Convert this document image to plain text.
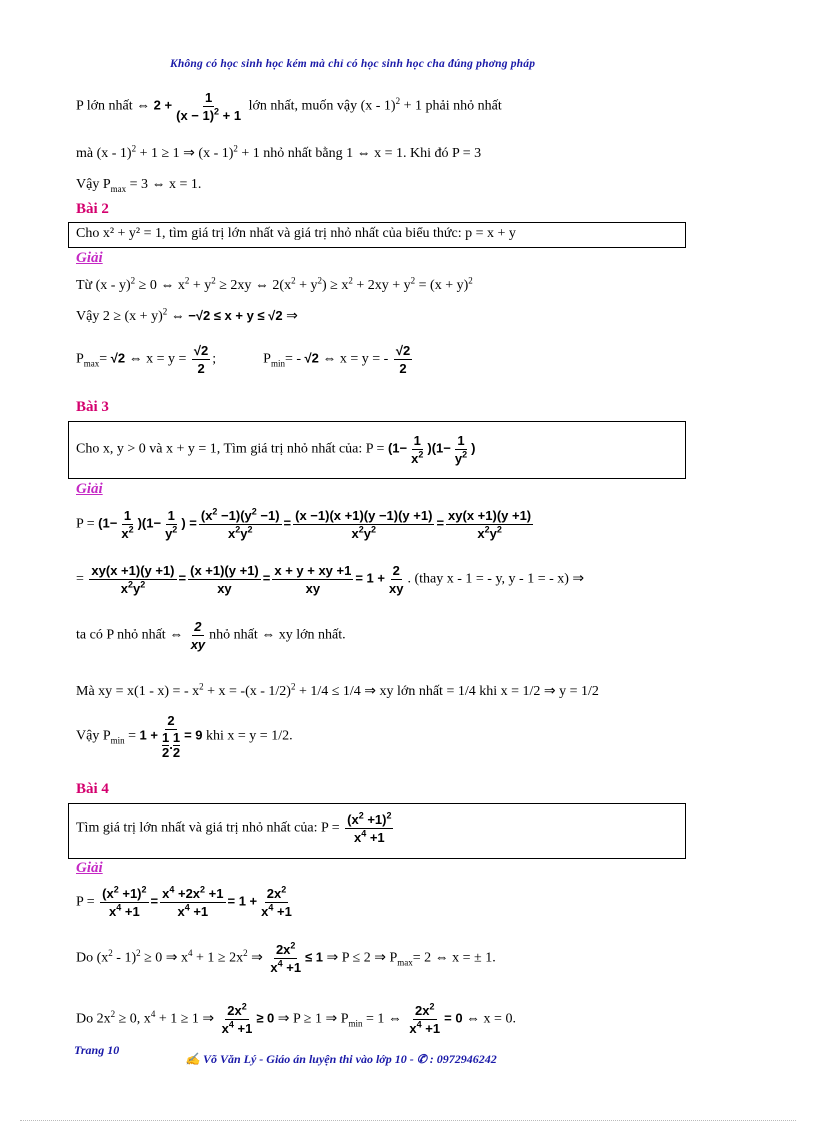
Không có học sinh học kém mà chỉ có học sinh học cha đúng phơng pháp
P lớn nhất ⇔ $2 + \frac{1}{(x - 1)^2 + 1}$ lớn nhất, muốn vậy (x - 1)$^2$ + 1 phải nhỏ nhất
mà (x - 1)$^2$ + 1 ≥ 1 ⇒ (x - 1)$^2$ + 1 nhỏ nhất bằng 1 ⇔ x = 1. Khi đó P = 3
Vậy $P_{max} = 3$ ⇔ x = 1.
Bài 2
Cho x² + y² = 1, tìm giá trị lớn nhất và giá trị nhỏ nhất của biểu thức: p = x + y
Giải
Từ (x - y)$^2$ ≥ 0 ⇔ $x^2 + y^2 \ge 2xy$ ⇔ $2(x^2 + y^2) \ge x^2 + 2xy + y^2 = (x + y)^2$
Vậy $2 \ge (x + y)^2$ ⇔ −√2 ≤ x + y ≤ √2 ⇒
$P_{max}= √2$ ⇔ $x = y = \frac{√2}{2}$ ;	$P_{min}= - √2$ ⇔ x = y = - $\frac{√2}{2}$
Bài 3
Cho x, y > 0 và x + y = 1, Tìm giá trị nhỏ nhất của: $P = (1- \frac{1}{x^2} )(1- \frac{1}{y^2}$ )
Giải
$P = (1- \frac{1}{x^2} )(1- \frac{1}{y^2}$ ) = $\frac{(x^2 -1)(y^2 -1)}{x^2y^2} = \frac{(x -1)(x +1)(y -1)(y +1)}{x^2y^2} = \frac{xy(x +1)(y +1)}{x^2y^2}$
= $\frac{xy(x +1)(y +1)}{x^2y^2} = \frac{(x +1)(y +1)}{xy} = \frac{x + y + xy +1}{xy} = 1 + \frac{2}{xy}$ . (thay x - 1 = - y, y - 1 = - x) ⇒
ta có P nhỏ nhất ⇔ $\frac{2}{xy}$ nhỏ nhất ⇔ xy lớn nhất.
Mà xy = x(1 - x) = - $x^2 + x = -(x - 1/2)^2 + 1/4 \le 1/4$ ⇒ xy lớn nhất = 1/4 khi x = 1/2 ⇒ y = 1/2
Vậy $P_{min} = 1 + \frac{2}{\frac{1}{2} . \frac{1}{2}} = 9$ khi x = y = 1/2.
Bài 4
Tìm giá trị lớn nhất và giá trị nhỏ nhất của: $P = \frac{(x^2 +1)^2}{x^4 +1}$
Giải
$P = \frac{(x^2 +1)^2}{x^4 +1} = \frac{x^4 +2x^2 +1}{x^4 +1} = 1 + \frac{2x^2}{x^4 +1}$
Do $(x^2 - 1)^2 \ge 0$ ⇒ $x^4 + 1 \ge 2x^2$ ⇒ $\frac{2x^2}{x^4 +1} \le 1$ ⇒ P ≤ 2 ⇒ $P_{max}= 2$ ⇔ x = ± 1.
Do $2x^2 \ge 0$, $x^4 + 1 \ge 1$ ⇒ $\frac{2x^2}{x^4 +1} \ge 0$ ⇒ P ≥ 1 ⇒ $P_{min} = 1$ ⇔ $\frac{2x^2}{x^4 +1} = 0$ ⇔ x = 0.
Trang 10
✍ Võ Văn Lý - Giáo án luyện thi vào lớp 10 - ✆ : 0972946242
